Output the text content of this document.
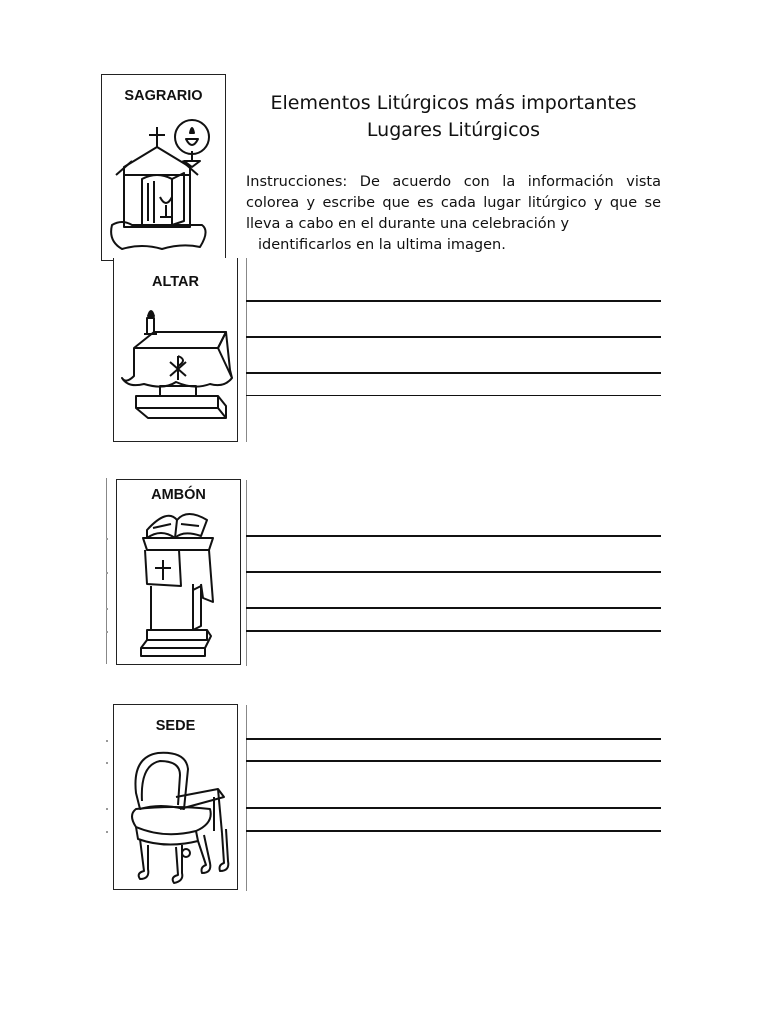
SAGRARIO	Elementos Litúrgicos más importantes
Lugares Litúrgicos
Instrucciones: De acuerdo con la información vista colorea y escribe que es cada lugar litúrgico y que se lleva a cabo en el durante una celebración y
identificarlos en la ultima imagen.
ALTAR
AMBÓN
SEDE
